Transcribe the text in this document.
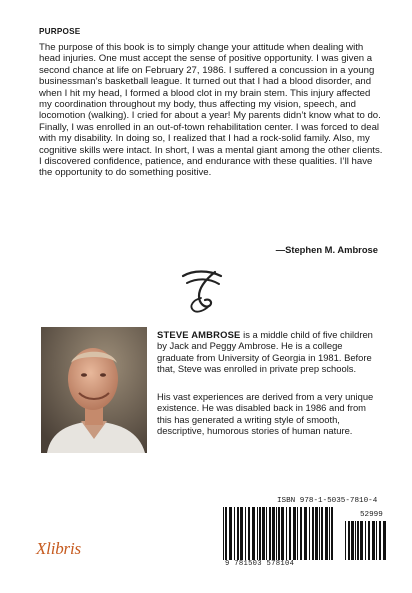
PURPOSE

The purpose of this book is to simply change your attitude when dealing with head injuries. One must accept the sense of positive opportunity. I was given a second chance at life on February 27, 1986. I suffered a concussion in a young businessman’s basketball league. It turned out that I had a blood disorder, and when I hit my head, I formed a blood clot in my brain stem. This injury affected my coordination throughout my body, thus affecting my vision, speech, and locomotion (walking). I cried for about a year! My parents didn’t know what to do. Finally, I was enrolled in an out-of-town rehabilitation center. I was forced to deal with my disability. In doing so, I realized that I had a rock-solid family. Also, my cognitive skills were intact. In short, I was a mental giant among the other clients. I discovered confidence, patience, and endurance with these qualities. I’ll have the opportunity to do something positive.

—Stephen M. Ambrose

STEVE AMBROSE is a middle child of five children by Jack and Peggy Ambrose. He is a college graduate from University of Georgia in 1981. Before that, Steve was enrolled in private prep schools.

His vast experiences are derived from a very unique existence. He was disabled back in 1986 and from this has generated a writing style of smooth, descriptive, humorous stories of human nature.

Xlibris
ISBN 978-1-5035-7810-4
52999
9 781503 578104
